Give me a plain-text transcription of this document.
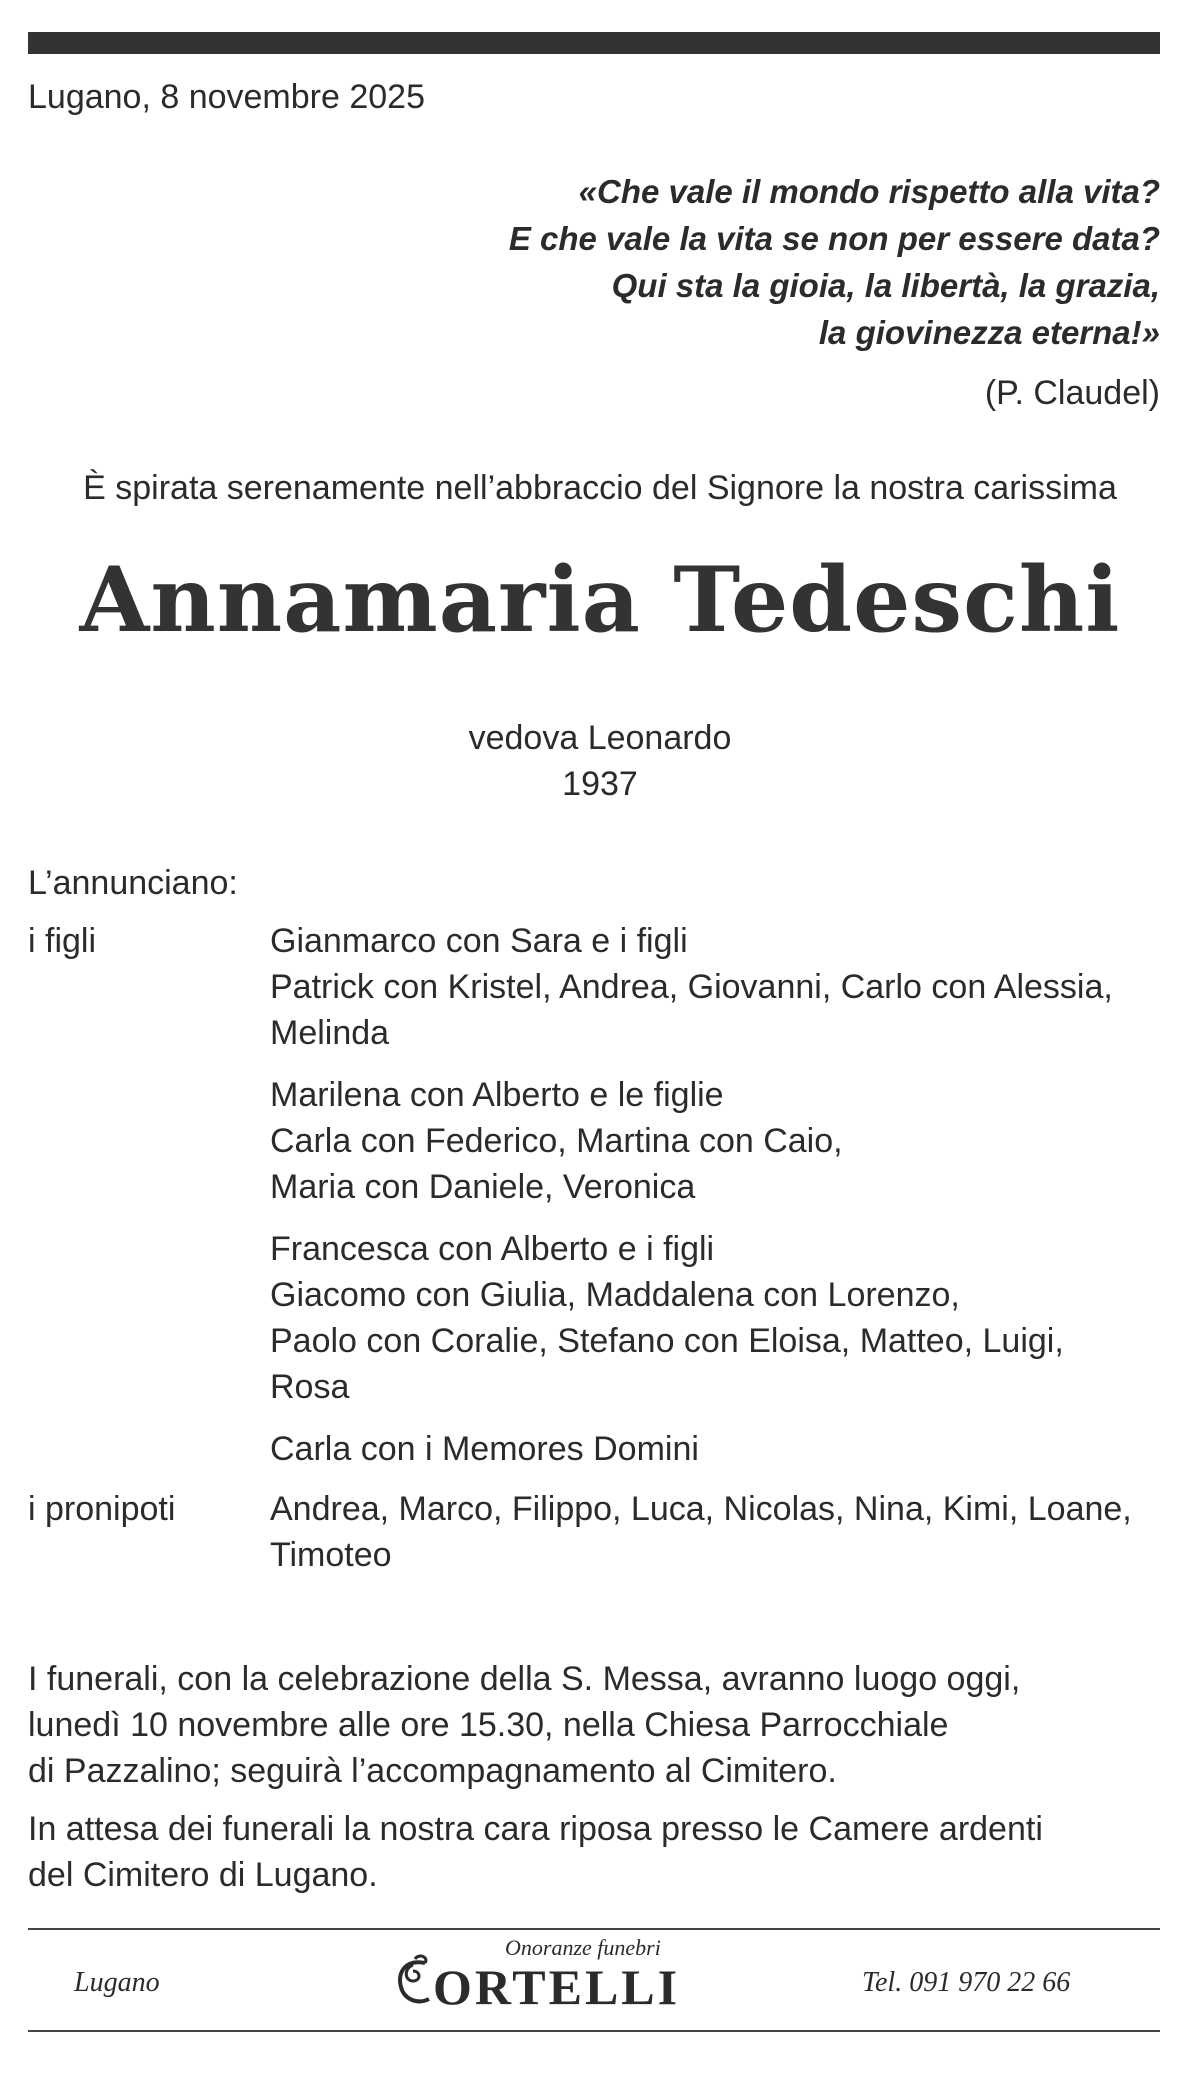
Lugano, 8 novembre 2025
«Che vale il mondo rispetto alla vita?
E che vale la vita se non per essere data?
Qui sta la gioia, la libertà, la grazia,
la giovinezza eterna!»
(P. Claudel)
È spirata serenamente nell’abbraccio del Signore la nostra carissima
Annamaria Tedeschi
vedova Leonardo
1937
L’annunciano:
i figli	Gianmarco con Sara e i figli
Patrick con Kristel, Andrea, Giovanni, Carlo con Alessia,
Melinda
Marilena con Alberto e le figlie
Carla con Federico, Martina con Caio,
Maria con Daniele, Veronica
Francesca con Alberto e i figli
Giacomo con Giulia, Maddalena con Lorenzo,
Paolo con Coralie, Stefano con Eloisa, Matteo, Luigi,
Rosa
Carla con i Memores Domini
i pronipoti	Andrea, Marco, Filippo, Luca, Nicolas, Nina, Kimi, Loane,
Timoteo
I funerali, con la celebrazione della S. Messa, avranno luogo oggi,
lunedì 10 novembre alle ore 15.30, nella Chiesa Parrocchiale
di Pazzalino; seguirà l’accompagnamento al Cimitero.
In attesa dei funerali la nostra cara riposa presso le Camere ardenti
del Cimitero di Lugano.
Lugano
Onoranze funebri
ORTELLI	Tel. 091 970 22 66
